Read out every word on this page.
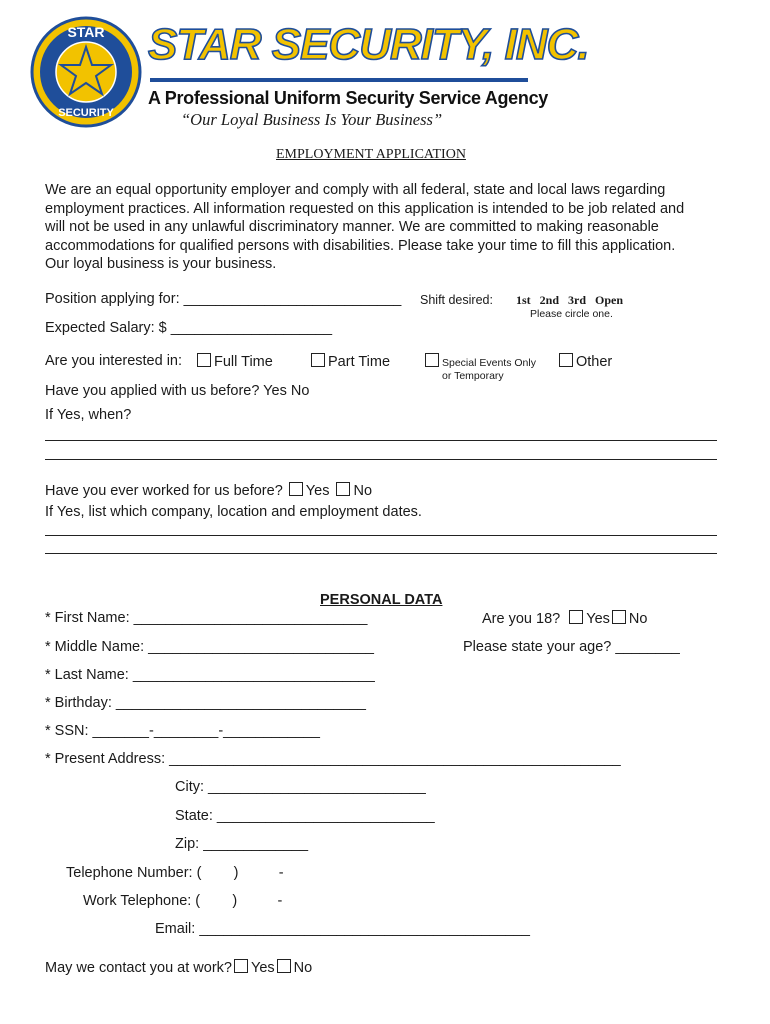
STAR
SECURITY
STAR SECURITY, INC.
A Professional Uniform Security Service Agency
“Our Loyal Business Is Your Business”
EMPLOYMENT APPLICATION
We are an equal opportunity employer and comply with all federal, state and local laws regarding
employment practices. All information requested on this application is intended to be job related and
will not be used in any unlawful discriminatory manner. We are committed to making reasonable
accommodations for qualified persons with disabilities. Please take your time to fill this application.
Our loyal business is your business.
Position applying for: ___________________________ Shift desired: 1st   2nd   3rd   Open
Please circle one.
Expected Salary: $ ____________________
Are you interested in:	Full Time	Part Time	Special Events Only
or Temporary
Other
Have you applied with us before? Yes No
If Yes, when?
Have you ever worked for us before? Yes No
If Yes, list which company, location and employment dates.
PERSONAL DATA
* First Name: _____________________________	Are you 18? Yes No
* Middle Name: ____________________________	Please state your age? ________
* Last Name: ______________________________
* Birthday: _______________________________
* SSN: _______-________-____________
* Present Address: ________________________________________________________
City: ___________________________
State: ___________________________
Zip: _____________
Telephone Number: (        )          -
Work Telephone: (        )          -
Email: _________________________________________
May we contact you at work? Yes No
